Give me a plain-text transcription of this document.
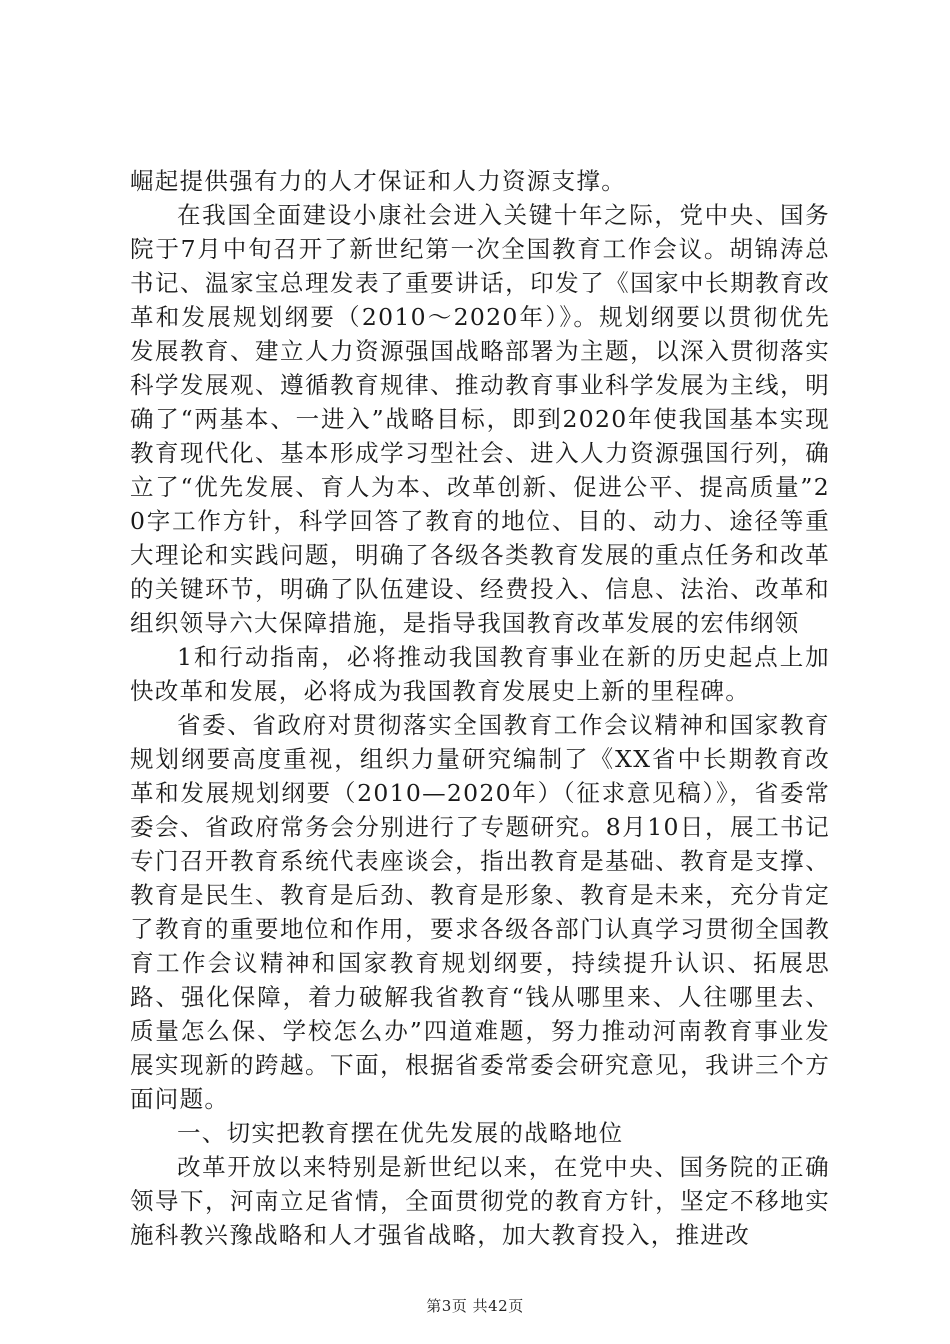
崛起提供强有力的人才保证和人力资源支撑。

在我国全面建设小康社会进入关键十年之际，党中央、国务院于7月中旬召开了新世纪第一次全国教育工作会议。胡锦涛总书记、温家宝总理发表了重要讲话，印发了《国家中长期教育改革和发展规划纲要（2010～2020年）》。规划纲要以贯彻优先发展教育、建立人力资源强国战略部署为主题，以深入贯彻落实科学发展观、遵循教育规律、推动教育事业科学发展为主线，明确了“两基本、一进入”战略目标，即到2020年使我国基本实现教育现代化、基本形成学习型社会、进入人力资源强国行列，确立了“优先发展、育人为本、改革创新、促进公平、提高质量”20字工作方针，科学回答了教育的地位、目的、动力、途径等重大理论和实践问题，明确了各级各类教育发展的重点任务和改革的关键环节，明确了队伍建设、经费投入、信息、法治、改革和组织领导六大保障措施，是指导我国教育改革发展的宏伟纲领

1和行动指南，必将推动我国教育事业在新的历史起点上加快改革和发展，必将成为我国教育发展史上新的里程碑。

省委、省政府对贯彻落实全国教育工作会议精神和国家教育规划纲要高度重视，组织力量研究编制了《XX省中长期教育改革和发展规划纲要（2010—2020年）（征求意见稿）》，省委常委会、省政府常务会分别进行了专题研究。8月10日，展工书记专门召开教育系统代表座谈会，指出教育是基础、教育是支撑、教育是民生、教育是后劲、教育是形象、教育是未来，充分肯定了教育的重要地位和作用，要求各级各部门认真学习贯彻全国教育工作会议精神和国家教育规划纲要，持续提升认识、拓展思路、强化保障，着力破解我省教育“钱从哪里来、人往哪里去、质量怎么保、学校怎么办”四道难题，努力推动河南教育事业发展实现新的跨越。下面，根据省委常委会研究意见，我讲三个方面问题。

一、切实把教育摆在优先发展的战略地位

改革开放以来特别是新世纪以来，在党中央、国务院的正确领导下，河南立足省情，全面贯彻党的教育方针，坚定不移地实施科教兴豫战略和人才强省战略，加大教育投入，推进改

第3页 共42页
